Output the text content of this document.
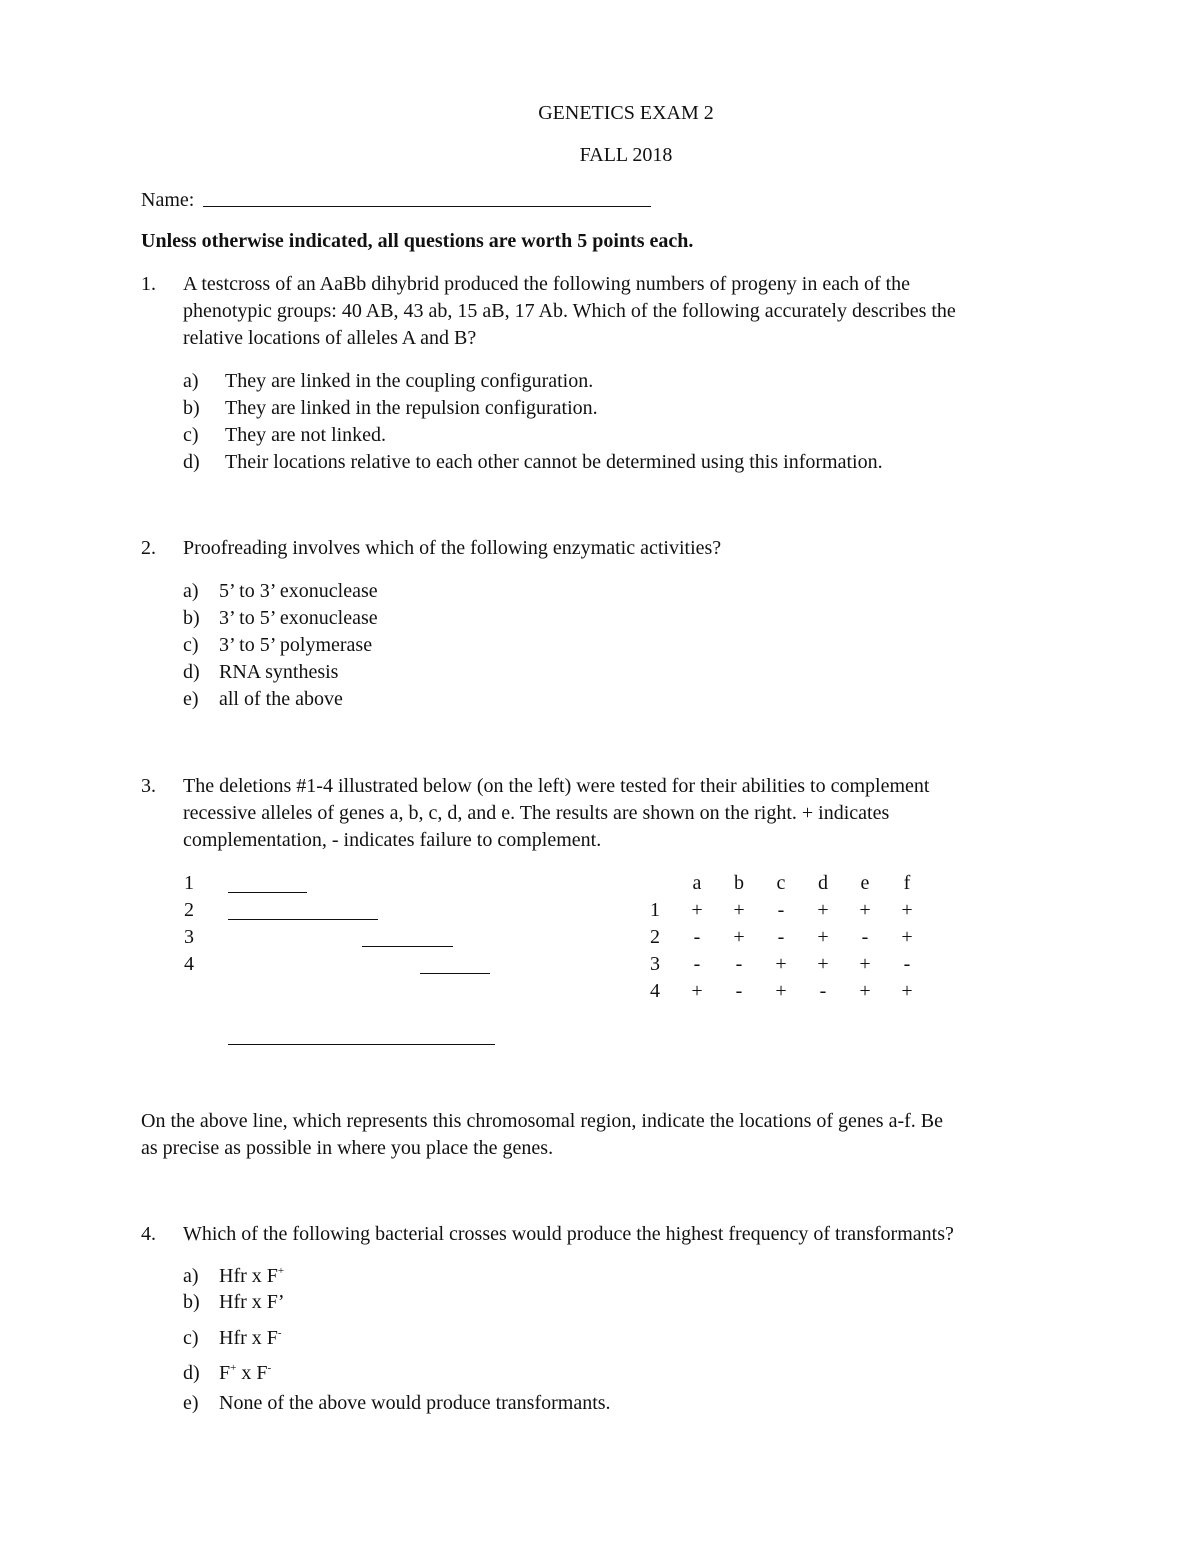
GENETICS EXAM 2
FALL 2018
Name:
Unless otherwise indicated, all questions are worth 5 points each.
1. A testcross of an AaBb dihybrid produced the following numbers of progeny in each of the
phenotypic groups: 40 AB, 43 ab, 15 aB, 17 Ab. Which of the following accurately describes the
relative locations of alleles A and B?
a) They are linked in the coupling configuration.
b) They are linked in the repulsion configuration.
c) They are not linked.
d) Their locations relative to each other cannot be determined using this information.
2. Proofreading involves which of the following enzymatic activities?
a) 5’ to 3’ exonuclease
b) 3’ to 5’ exonuclease
c) 3’ to 5’ polymerase
d) RNA synthesis
e) all of the above
3. The deletions #1-4 illustrated below (on the left) were tested for their abilities to complement
recessive alleles of genes a, b, c, d, and e. The results are shown on the right. + indicates
complementation, - indicates failure to complement.
1
2
3
4
a	b	c	d	e	f
1	+	+	-	+	+	+
2	-	+	-	+	-	+
3	-	-	+	+	+	-
4	+	-	+	-	+	+
On the above line, which represents this chromosomal region, indicate the locations of genes a-f. Be
as precise as possible in where you place the genes.
4. Which of the following bacterial crosses would produce the highest frequency of transformants?
a) Hfr x F+
b) Hfr x F’
c) Hfr x F-
d) F+ x F-
e) None of the above would produce transformants.
